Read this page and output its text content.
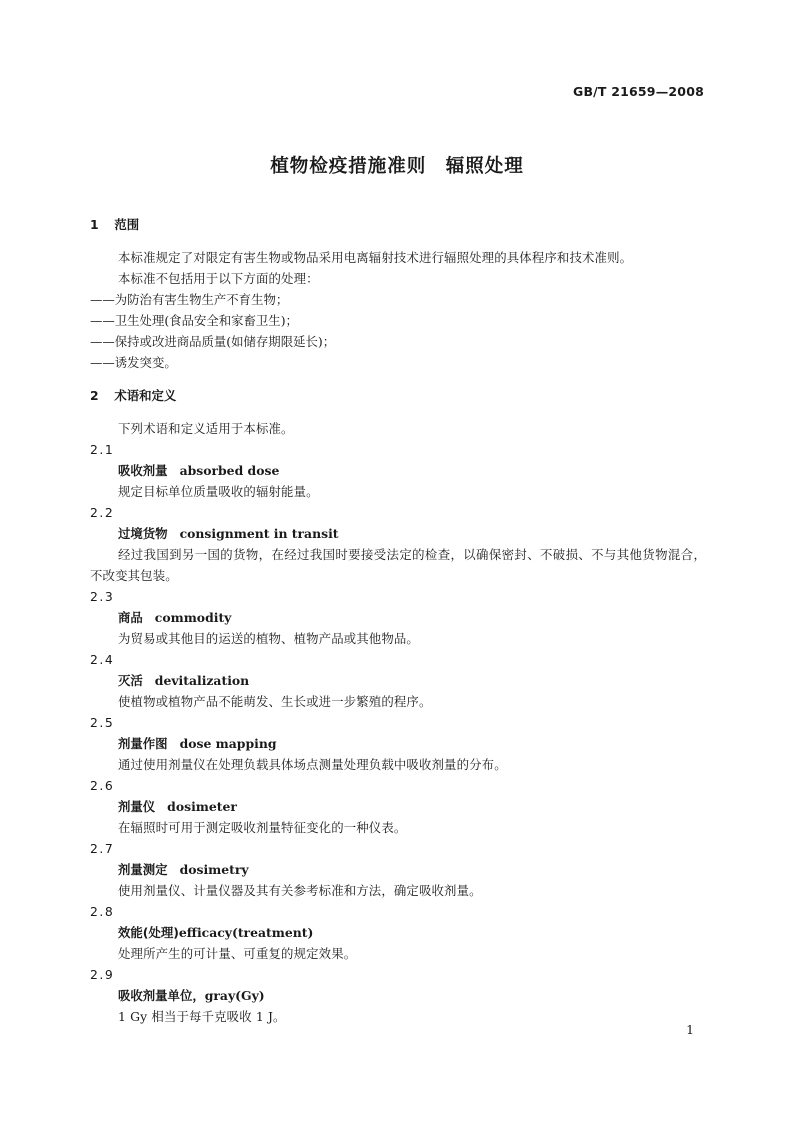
GB/T 21659—2008
植物检疫措施准则　辐照处理
1 范围
本标准规定了对限定有害生物或物品采用电离辐射技术进行辐照处理的具体程序和技术准则。
本标准不包括用于以下方面的处理：
——为防治有害生物生产不育生物；
——卫生处理(食品安全和家畜卫生)；
——保持或改进商品质量(如储存期限延长)；
——诱发突变。
2 术语和定义
下列术语和定义适用于本标准。
2.1
吸收剂量 absorbed dose
规定目标单位质量吸收的辐射能量。
2.2
过境货物 consignment in transit
经过我国到另一国的货物，在经过我国时要接受法定的检查，以确保密封、不破损、不与其他货物混合，不改变其包装。
2.3
商品 commodity
为贸易或其他目的运送的植物、植物产品或其他物品。
2.4
灭活 devitalization
使植物或植物产品不能萌发、生长或进一步繁殖的程序。
2.5
剂量作图 dose mapping
通过使用剂量仪在处理负载具体场点测量处理负载中吸收剂量的分布。
2.6
剂量仪 dosimeter
在辐照时可用于测定吸收剂量特征变化的一种仪表。
2.7
剂量测定 dosimetry
使用剂量仪、计量仪器及其有关参考标准和方法，确定吸收剂量。
2.8
效能(处理)efficacy(treatment)
处理所产生的可计量、可重复的规定效果。
2.9
吸收剂量单位，gray(Gy)
1 Gy 相当于每千克吸收 1 J。
1
